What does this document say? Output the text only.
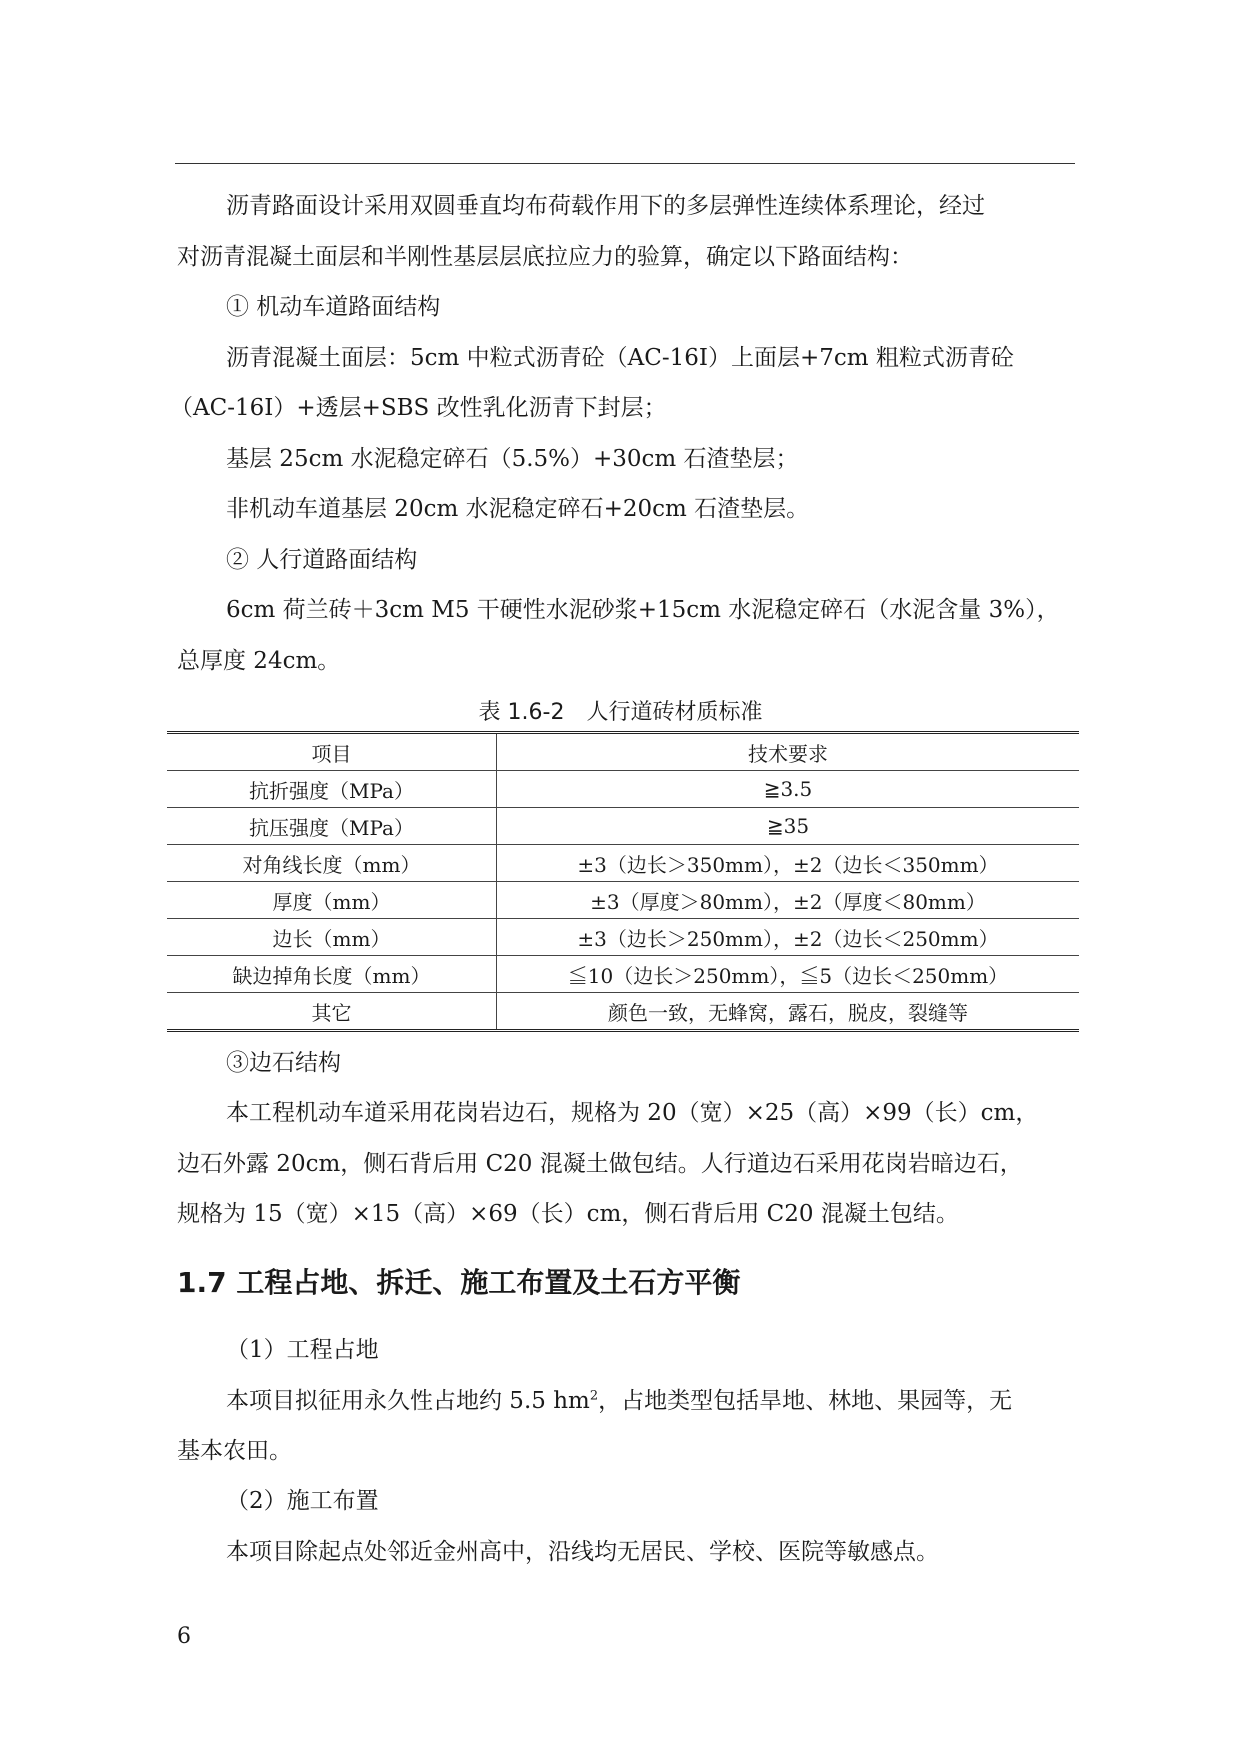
沥青路面设计采用双圆垂直均布荷载作用下的多层弹性连续体系理论，经过
对沥青混凝土面层和半刚性基层层底拉应力的验算，确定以下路面结构：
① 机动车道路面结构
沥青混凝土面层：5cm 中粒式沥青砼（AC-16I）上面层+7cm 粗粒式沥青砼
（AC-16I）+透层+SBS 改性乳化沥青下封层；
基层 25cm 水泥稳定碎石（5.5%）+30cm 石渣垫层；
非机动车道基层 20cm 水泥稳定碎石+20cm 石渣垫层。
② 人行道路面结构
6cm 荷兰砖＋3cm M5 干硬性水泥砂浆+15cm 水泥稳定碎石（水泥含量 3%），
总厚度 24cm。
表 1.6-2　人行道砖材质标准
项目	技术要求
抗折强度（MPa）	≧3.5
抗压强度（MPa）	≧35
对角线长度（mm）	±3（边长＞350mm），±2（边长＜350mm）
厚度（mm）	±3（厚度＞80mm），±2（厚度＜80mm）
边长（mm）	±3（边长＞250mm），±2（边长＜250mm）
缺边掉角长度（mm）	≦10（边长＞250mm），≦5（边长＜250mm）
其它	颜色一致，无蜂窝，露石，脱皮，裂缝等
③边石结构
本工程机动车道采用花岗岩边石，规格为 20（宽）×25（高）×99（长）cm，
边石外露 20cm，侧石背后用 C20 混凝土做包结。人行道边石采用花岗岩暗边石，
规格为 15（宽）×15（高）×69（长）cm，侧石背后用 C20 混凝土包结。
1.7 工程占地、拆迁、施工布置及土石方平衡
（1）工程占地
本项目拟征用永久性占地约 5.5 $hm^2$，占地类型包括旱地、林地、果园等，无
基本农田。
（2）施工布置
本项目除起点处邻近金州高中，沿线均无居民、学校、医院等敏感点。
6
